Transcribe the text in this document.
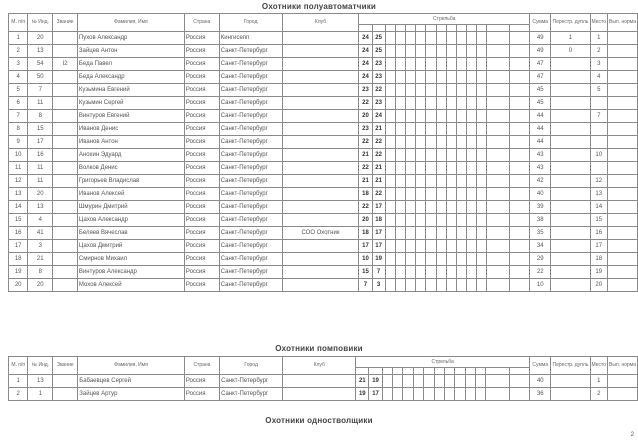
Охотники полуавтоматчики
М. п/п	№ Инд.	Звание	Фамилия, Имя	Страна	Город	Клуб	Стрельба														Сумма	Перестр. дупль	Место	Вып. норма

1	20		Пухов Александр	Россия	Кингисепп		24	25													49	1	1	
2	13		Зайцев Антон	Россия	Санкт-Петербург		24	25													49	0	2	
3	54	I2	Беда Павел	Россия	Санкт-Петербург		24	23													47		3	
4	50		Беда Александр	Россия	Санкт-Петербург		24	23													47		4	
5	7		Кузьмина Евгений	Россия	Санкт-Петербург		23	22													45		5	
6	11		Кузьмин Сергей	Россия	Санкт-Петербург		22	23													45			
7	8		Винтуров Евгений	Россия	Санкт-Петербург		20	24													44		7	
8	15		Иванов Денис	Россия	Санкт-Петербург		23	21													44			
9	17		Иванов Антон	Россия	Санкт-Петербург		22	22													44			
10	16		Анохин Эдуард	Россия	Санкт-Петербург		21	22													43		10	
11	11		Волков Денис	Россия	Санкт-Петербург		22	21													43			
12	11		Григорьев Владислав	Россия	Санкт-Петербург		21	21													42		12	
13	20		Иванов Алексей	Россия	Санкт-Петербург		18	22													40		13	
14	13		Шмурин Дмитрий	Россия	Санкт-Петербург		22	17													39		14	
15	4		Цахов Александр	Россия	Санкт-Петербург		20	18													38		15	
16	41		Беляев Вячеслав	Россия	Санкт-Петербург	СОО Охотник	18	17													35		16	
17	3		Цахов Дмитрий	Россия	Санкт-Петербург		17	17													34		17	
18	21		Смирнов Михаил	Россия	Санкт-Петербург		10	19													29		18	
19	8		Винтуров Александр	Россия	Санкт-Петербург		15	7													22		19	
20	20		Мохов Алексей	Россия	Санкт-Петербург		7	3													10		20	
Охотники помповики
М. п/п	№ Инд.	Звание	Фамилия, Имя	Страна	Город	Клуб	Стрельба														Сумма	Перестр. дупль	Место	Вып. норма

1	13		Бабаевцев Сергей	Россия	Санкт-Петербург		21	19													40		1	
2	1		Зайцев Артур	Россия	Санкт-Петербург		19	17													36		2	
Охотники одностволщики
2
